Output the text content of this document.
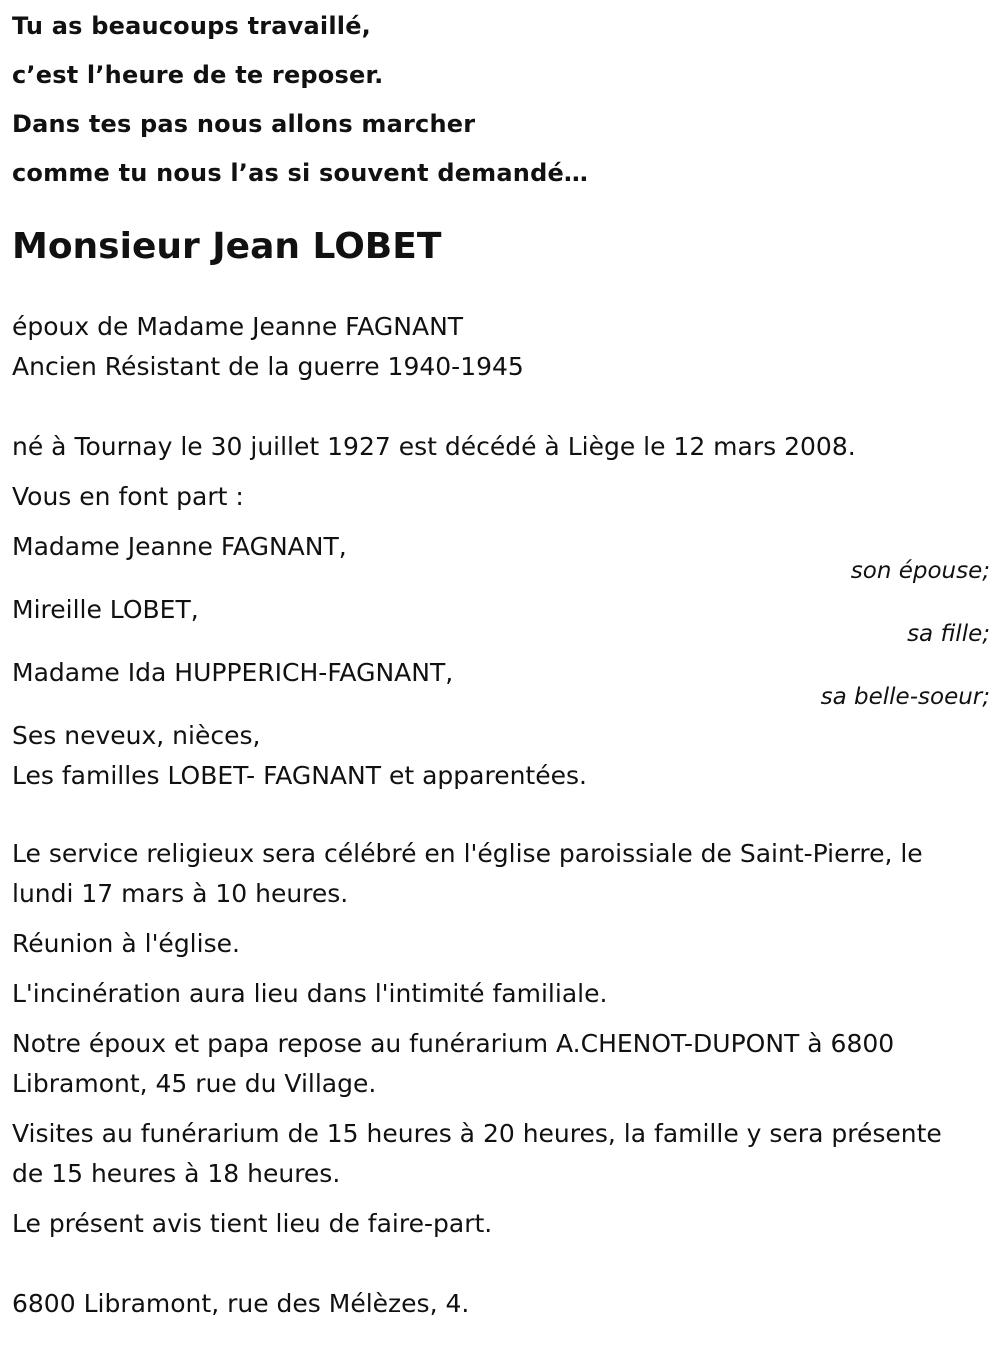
Tu as beaucoups travaillé,
c’est l’heure de te reposer.
Dans tes pas nous allons marcher
comme tu nous l’as si souvent demandé…
Monsieur Jean LOBET
époux de Madame Jeanne FAGNANT
Ancien Résistant de la guerre 1940-1945
né à Tournay le 30 juillet 1927 est décédé à Liège le 12 mars 2008.
Vous en font part :
Madame Jeanne FAGNANT,
son épouse;
Mireille LOBET,
sa fille;
Madame Ida HUPPERICH-FAGNANT,
sa belle-soeur;
Ses neveux, nièces,
Les familles LOBET- FAGNANT et apparentées.
Le service religieux sera célébré en l'église paroissiale de Saint-Pierre, le
lundi 17 mars à 10 heures.
Réunion à l'église.
L'incinération aura lieu dans l'intimité familiale.
Notre époux et papa repose au funérarium A.CHENOT-DUPONT à 6800
Libramont, 45 rue du Village.
Visites au funérarium de 15 heures à 20 heures, la famille y sera présente
de 15 heures à 18 heures.
Le présent avis tient lieu de faire-part.
6800 Libramont, rue des Mélèzes, 4.
